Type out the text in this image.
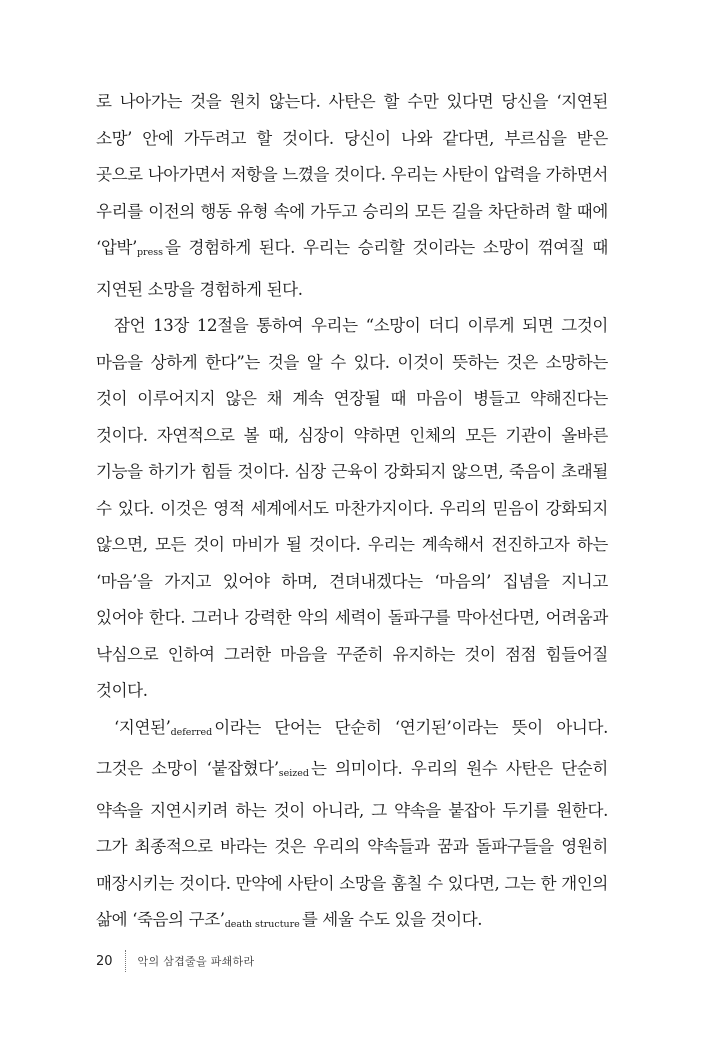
로 나아가는 것을 원치 않는다. 사탄은 할 수만 있다면 당신을 ‘지연된 소망’ 안에 가두려고 할 것이다. 당신이 나와 같다면, 부르심을 받은 곳으로 나아가면서 저항을 느꼈을 것이다. 우리는 사탄이 압력을 가하면서 우리를 이전의 행동 유형 속에 가두고 승리의 모든 길을 차단하려 할 때에 ‘압박’press 을 경험하게 된다. 우리는 승리할 것이라는 소망이 꺾여질 때 지연된 소망을 경험하게 된다.

잠언 13장 12절을 통하여 우리는 “소망이 더디 이루게 되면 그것이 마음을 상하게 한다”는 것을 알 수 있다. 이것이 뜻하는 것은 소망하는 것이 이루어지지 않은 채 계속 연장될 때 마음이 병들고 약해진다는 것이다. 자연적으로 볼 때, 심장이 약하면 인체의 모든 기관이 올바른 기능을 하기가 힘들 것이다. 심장 근육이 강화되지 않으면, 죽음이 초래될 수 있다. 이것은 영적 세계에서도 마찬가지이다. 우리의 믿음이 강화되지 않으면, 모든 것이 마비가 될 것이다. 우리는 계속해서 전진하고자 하는 ‘마음’을 가지고 있어야 하며, 견뎌내겠다는 ‘마음의’ 집념을 지니고 있어야 한다. 그러나 강력한 악의 세력이 돌파구를 막아선다면, 어려움과 낙심으로 인하여 그러한 마음을 꾸준히 유지하는 것이 점점 힘들어질 것이다.

‘지연된’deferred 이라는 단어는 단순히 ‘연기된’이라는 뜻이 아니다. 그것은 소망이 ‘붙잡혔다’seized 는 의미이다. 우리의 원수 사탄은 단순히 약속을 지연시키려 하는 것이 아니라, 그 약속을 붙잡아 두기를 원한다. 그가 최종적으로 바라는 것은 우리의 약속들과 꿈과 돌파구들을 영원히 매장시키는 것이다. 만약에 사탄이 소망을 훔칠 수 있다면, 그는 한 개인의 삶에 ‘죽음의 구조’death structure 를 세울 수도 있을 것이다.

20 악의 삼겹줄을 파쇄하라
